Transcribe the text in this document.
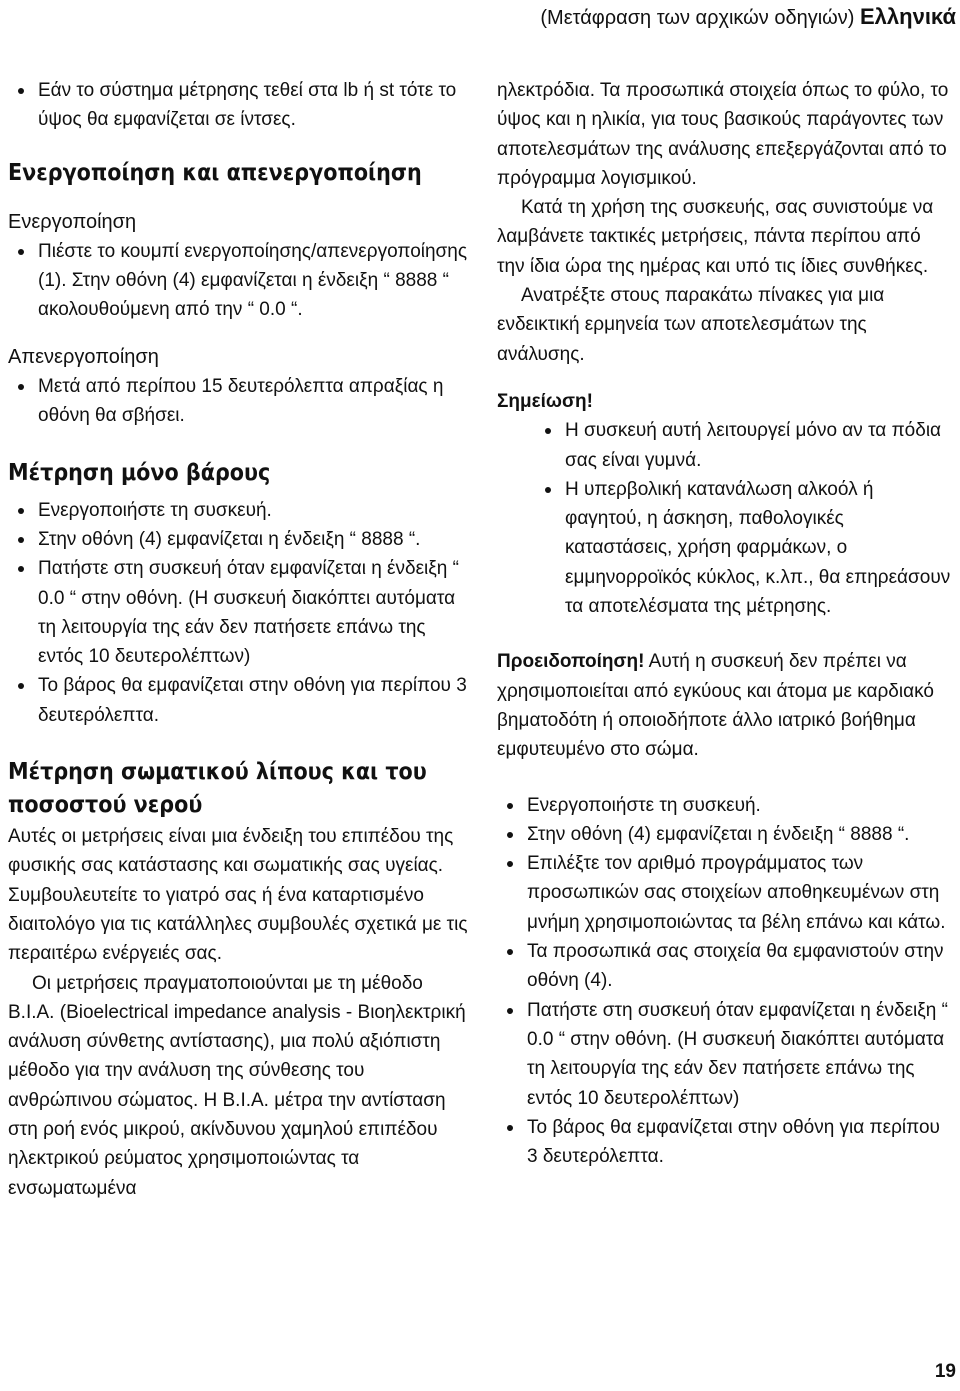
(Μετάφραση των αρχικών οδηγιών) Ελληνικά

Εάν το σύστημα μέτρησης τεθεί στα lb ή st τότε το ύψος θα εμφανίζεται σε ίντσες.

Ενεργοποίηση και απενεργοποίηση

Ενεργοποίηση

Πιέστε το κουμπί ενεργοποίησης/απενεργοποίησης (1). Στην οθόνη (4) εμφανίζεται η ένδειξη “ 8888 “ ακολουθούμενη από την “ 0.0 “.

Απενεργοποίηση

Μετά από περίπου 15 δευτερόλεπτα απραξίας η οθόνη θα σβήσει.

Μέτρηση μόνο βάρους

Ενεργοποιήστε τη συσκευή.

Στην οθόνη (4) εμφανίζεται η ένδειξη “ 8888 “.

Πατήστε στη συσκευή όταν εμφανίζεται η ένδειξη “ 0.0 “ στην οθόνη. (Η συσκευή διακόπτει αυτόματα τη λειτουργία της εάν δεν πατήσετε επάνω της εντός 10 δευτερολέπτων)

Το βάρος θα εμφανίζεται στην οθόνη για περίπου 3 δευτερόλεπτα.

Μέτρηση σωματικού λίπους και του
ποσοστού νερού

Αυτές οι μετρήσεις είναι μια ένδειξη του επιπέδου της φυσικής σας κατάστασης και σωματικής σας υγείας. Συμβουλευτείτε το γιατρό σας ή ένα καταρτισμένο διαιτολόγο για τις κατάλληλες συμβουλές σχετικά με τις περαιτέρω ενέργειές σας.

Οι μετρήσεις πραγματοποιούνται με τη μέθοδο B.I.A. (Bioelectrical impedance analysis - Βιοηλεκτρική ανάλυση σύνθετης αντίστασης), μια πολύ αξιόπιστη μέθοδο για την ανάλυση της σύνθεσης του ανθρώπινου σώματος. Η B.I.A. μέτρα την αντίσταση στη ροή ενός μικρού, ακίνδυνου χαμηλού επιπέδου ηλεκτρικού ρεύματος χρησιμοποιώντας τα ενσωματωμένα

ηλεκτρόδια. Τα προσωπικά στοιχεία όπως το φύλο, το ύψος και η ηλικία, για τους βασικούς παράγοντες των αποτελεσμάτων της ανάλυσης επεξεργάζονται από το πρόγραμμα λογισμικού.

Κατά τη χρήση της συσκευής, σας συνιστούμε να λαμβάνετε τακτικές μετρήσεις, πάντα περίπου από την ίδια ώρα της ημέρας και υπό τις ίδιες συνθήκες.

Ανατρέξτε στους παρακάτω πίνακες για μια ενδεικτική ερμηνεία των αποτελεσμάτων της ανάλυσης.

Σημείωση!

Η συσκευή αυτή λειτουργεί μόνο αν τα πόδια σας είναι γυμνά.

Η υπερβολική κατανάλωση αλκοόλ ή φαγητού, η άσκηση, παθολογικές καταστάσεις, χρήση φαρμάκων, ο εμμηνορροϊκός κύκλος, κ.λπ., θα επηρεάσουν τα αποτελέσματα της μέτρησης.

Προειδοποίηση! Αυτή η συσκευή δεν πρέπει να χρησιμοποιείται από εγκύους και άτομα με καρδιακό βηματοδότη ή οποιοδήποτε άλλο ιατρικό βοήθημα εμφυτευμένο στο σώμα.

Ενεργοποιήστε τη συσκευή.

Στην οθόνη (4) εμφανίζεται η ένδειξη “ 8888 “.

Επιλέξτε τον αριθμό προγράμματος των προσωπικών σας στοιχείων αποθηκευμένων στη μνήμη χρησιμοποιώντας τα βέλη επάνω και κάτω.

Τα προσωπικά σας στοιχεία θα εμφανιστούν στην οθόνη (4).

Πατήστε στη συσκευή όταν εμφανίζεται η ένδειξη “ 0.0 “ στην οθόνη. (Η συσκευή διακόπτει αυτόματα τη λειτουργία της εάν δεν πατήσετε επάνω της εντός 10 δευτερολέπτων)

Το βάρος θα εμφανίζεται στην οθόνη για περίπου 3 δευτερόλεπτα.

19
